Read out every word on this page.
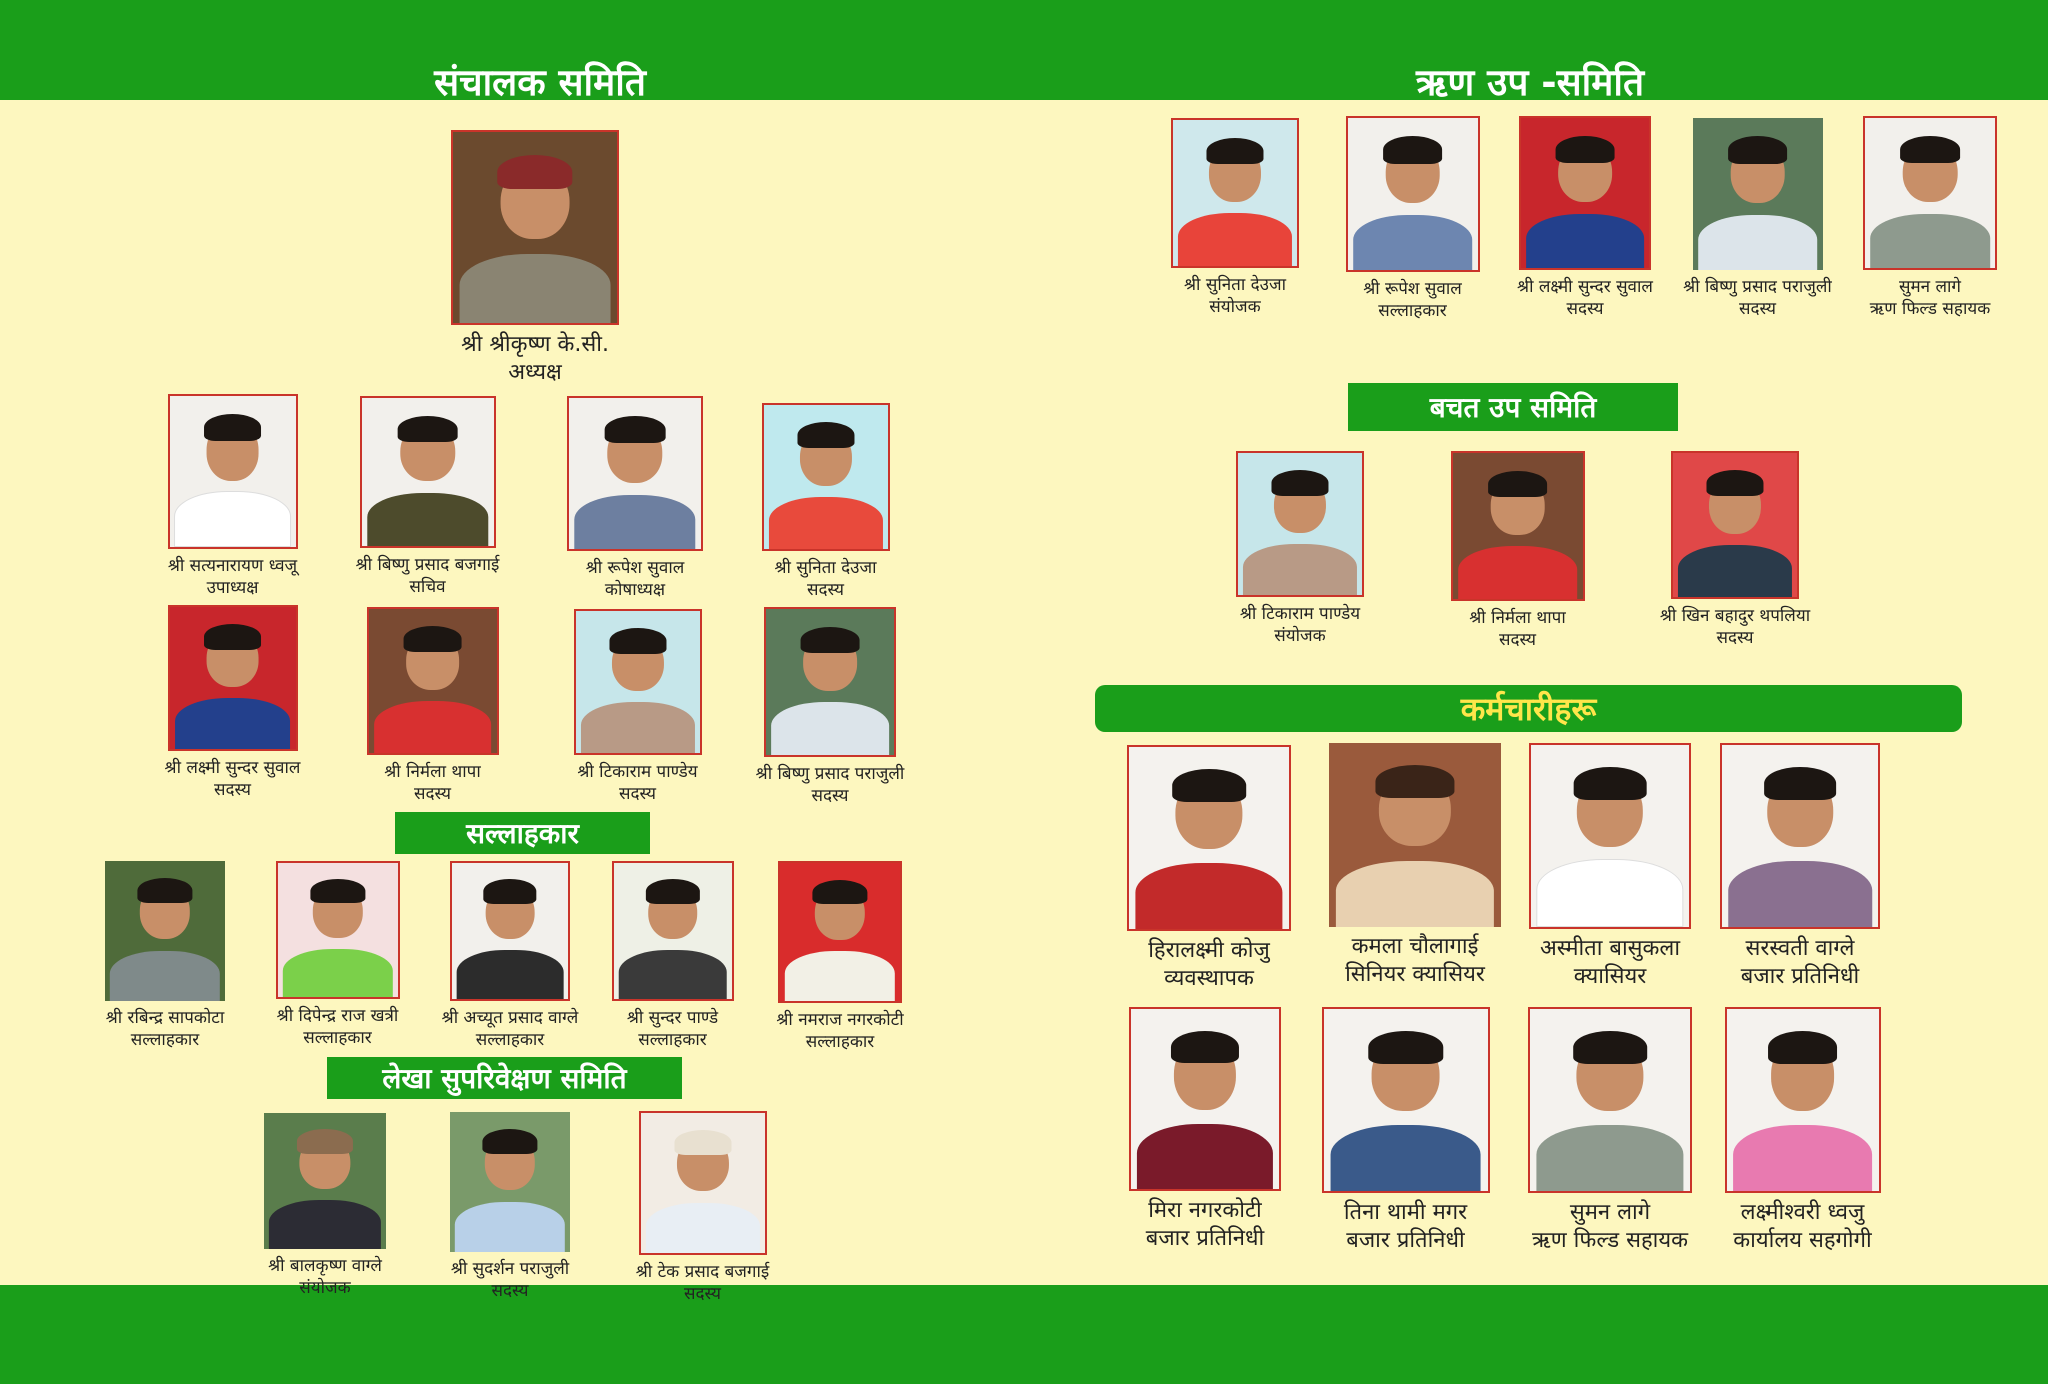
संचालक समिति	ऋण उप -समिति
सल्लाहकार
लेखा सुपरिवेक्षण समिति
बचत उप समिति
कर्मचारीहरू
श्री श्रीकृष्ण के.सी.
अध्यक्ष
श्री सत्यनारायण ध्वजू
उपाध्यक्ष
श्री बिष्णु प्रसाद बजगाई
सचिव
श्री रूपेश सुवाल
कोषाध्यक्ष
श्री सुनिता देउजा
सदस्य
श्री लक्ष्मी सुन्दर सुवाल
सदस्य
श्री निर्मला थापा
सदस्य
श्री टिकाराम पाण्डेय
सदस्य
श्री बिष्णु प्रसाद पराजुली
सदस्य
श्री रबिन्द्र सापकोटा
सल्लाहकार
श्री दिपेन्द्र राज खत्री
सल्लाहकार
श्री अच्यूत प्रसाद वाग्ले
सल्लाहकार
श्री सुन्दर पाण्डे
सल्लाहकार
श्री नमराज नगरकोटी
सल्लाहकार
श्री बालकृष्ण वाग्ले
संयोजक
श्री सुदर्शन पराजुली
सदस्य
श्री टेक प्रसाद बजगाई
सदस्य
श्री सुनिता देउजा
संयोजक
श्री रूपेश सुवाल
सल्लाहकार
श्री लक्ष्मी सुन्दर सुवाल
सदस्य
श्री बिष्णु प्रसाद पराजुली
सदस्य
सुमन लागे
ऋण फिल्ड सहायक
श्री टिकाराम पाण्डेय
संयोजक
श्री निर्मला थापा
सदस्य
श्री खिन बहादुर थपलिया
सदस्य
हिरालक्ष्मी कोजु
व्यवस्थापक
कमला चौलागाई
सिनियर क्यासियर
अस्मीता बासुकला
क्यासियर
सरस्वती वाग्ले
बजार प्रतिनिधी
मिरा नगरकोटी
बजार प्रतिनिधी
तिना थामी मगर
बजार प्रतिनिधी
सुमन लागे
ऋण फिल्ड सहायक
लक्ष्मीश्वरी ध्वजु
कार्यालय सहगोगी
